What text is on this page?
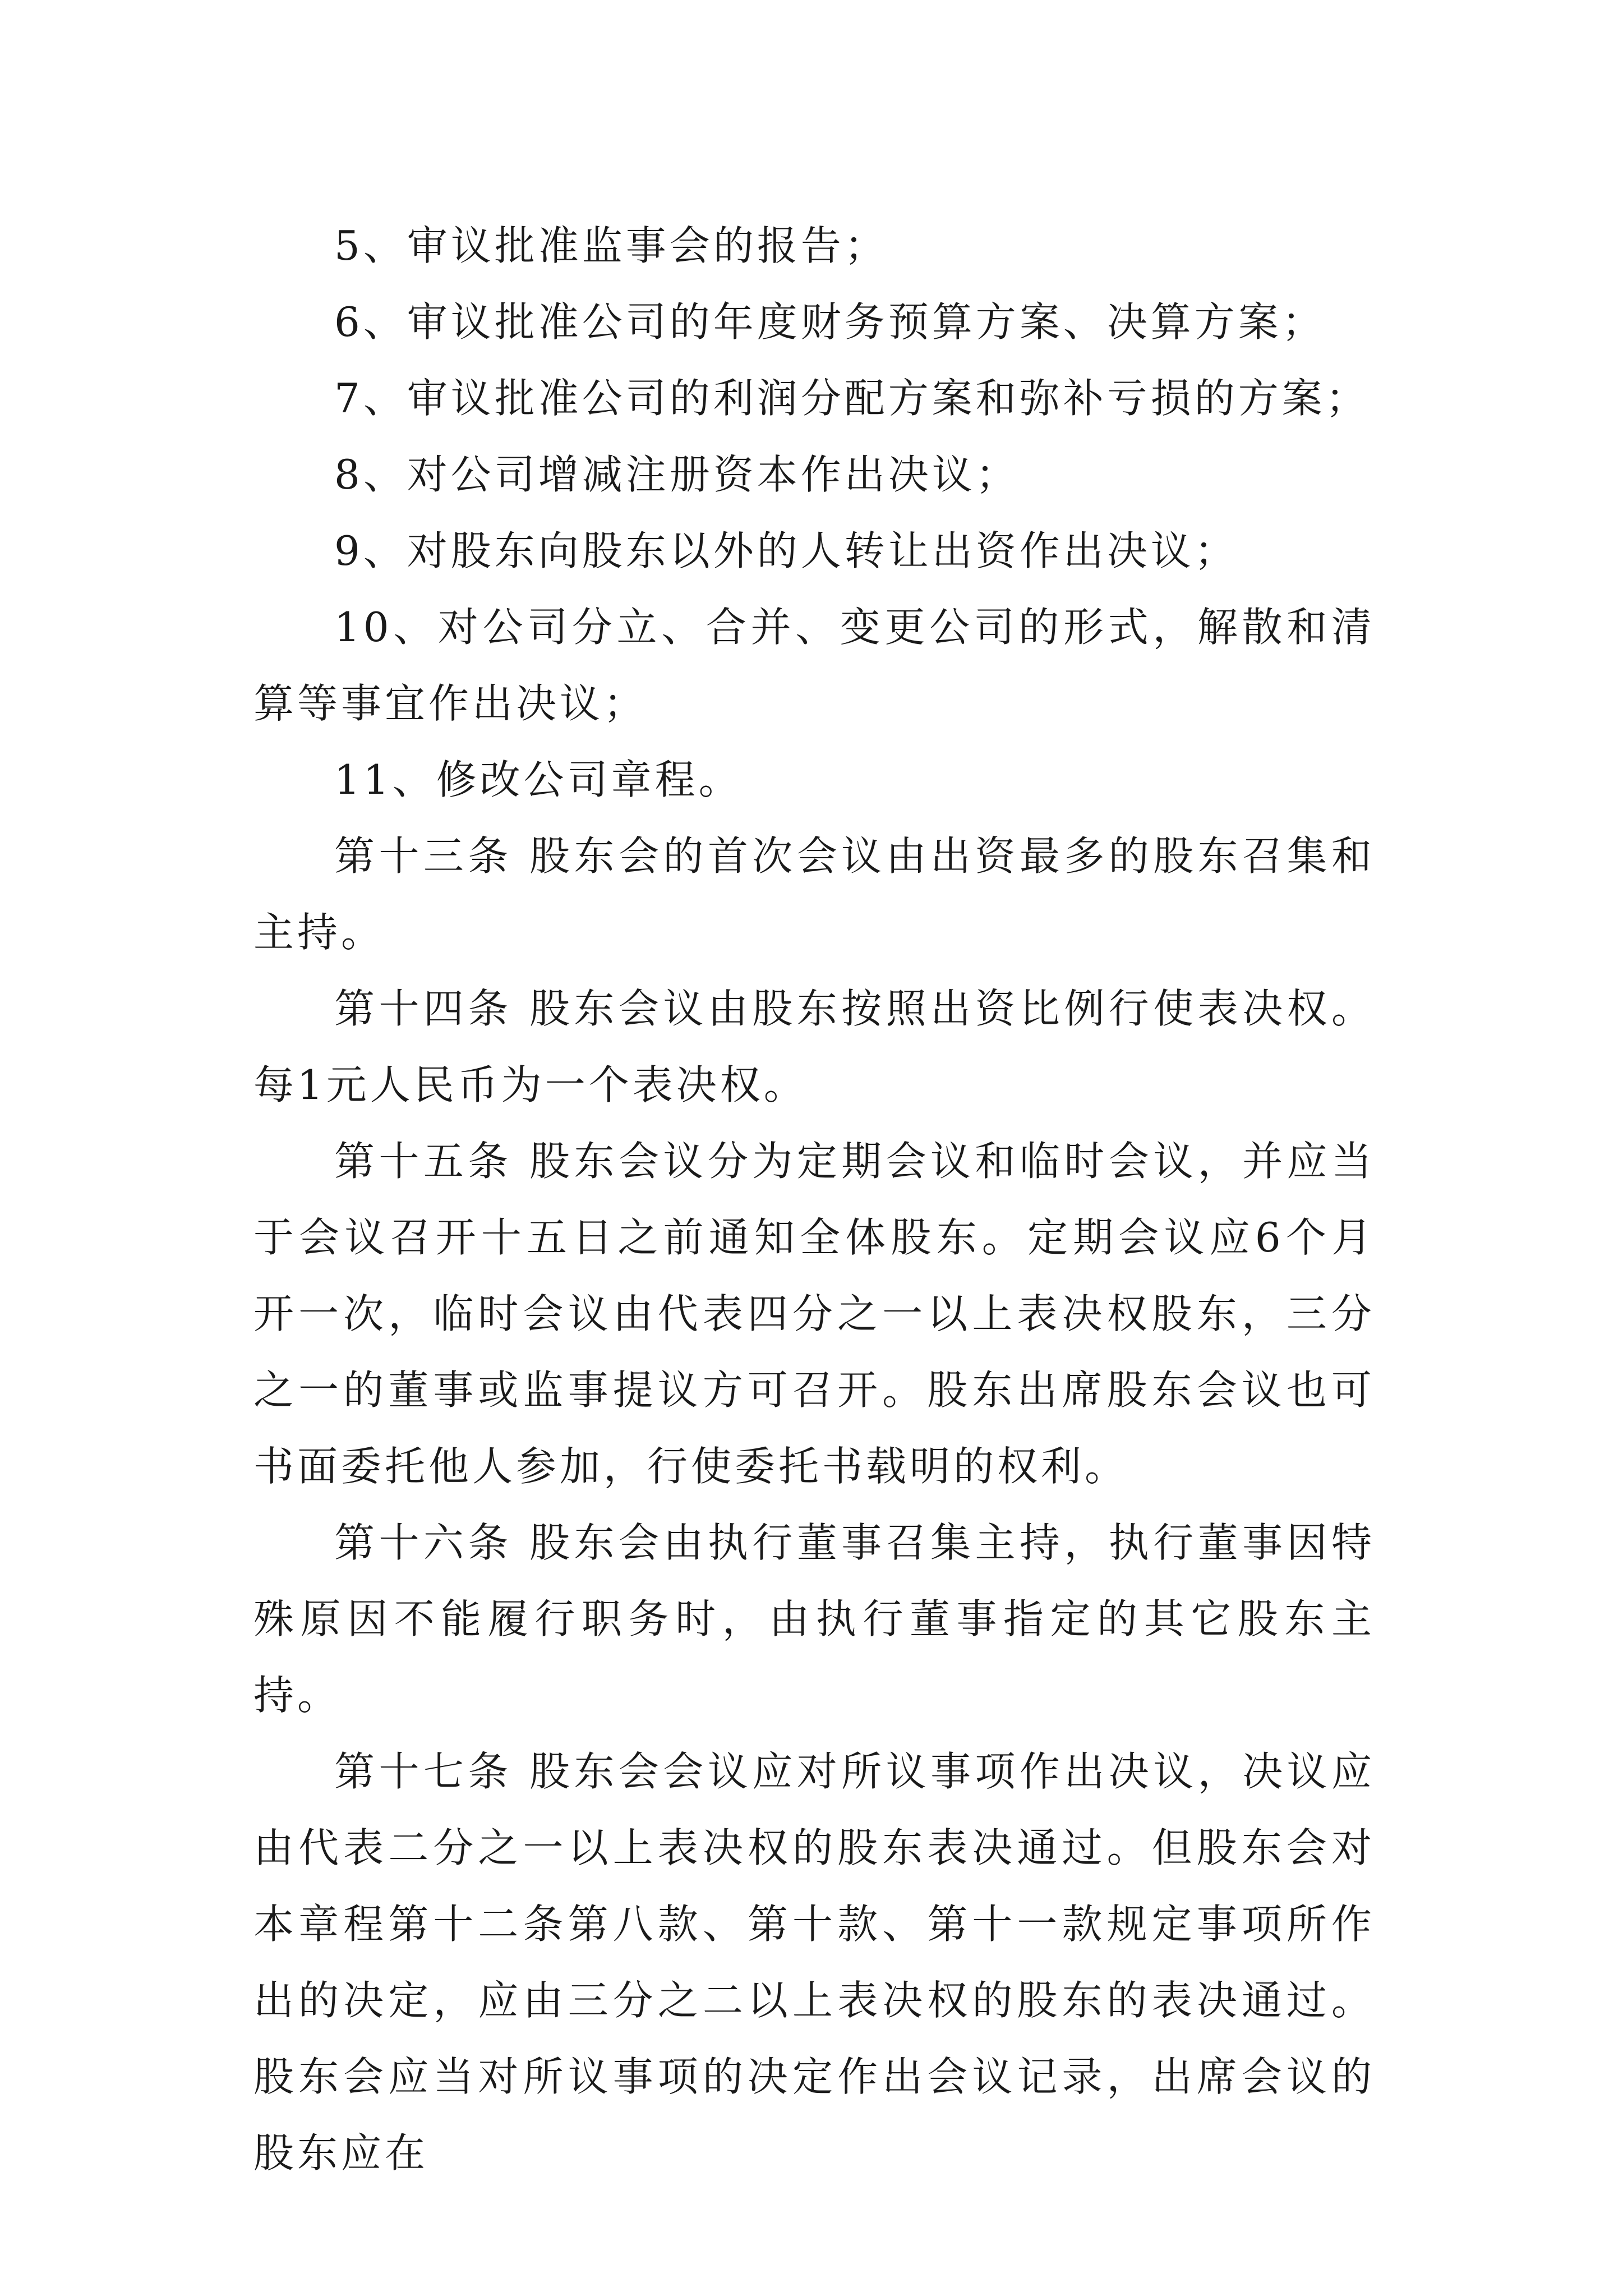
5、审议批准监事会的报告；

6、审议批准公司的年度财务预算方案、决算方案；

7、审议批准公司的利润分配方案和弥补亏损的方案；

8、对公司增减注册资本作出决议；

9、对股东向股东以外的人转让出资作出决议；

10、对公司分立、合并、变更公司的形式，解散和清算等事宜作出决议；

11、修改公司章程。

第十三条 股东会的首次会议由出资最多的股东召集和主持。

第十四条 股东会议由股东按照出资比例行使表决权。每1元人民币为一个表决权。

第十五条 股东会议分为定期会议和临时会议，并应当于会议召开十五日之前通知全体股东。定期会议应6个月开一次，临时会议由代表四分之一以上表决权股东，三分之一的董事或监事提议方可召开。股东出席股东会议也可书面委托他人参加，行使委托书载明的权利。

第十六条 股东会由执行董事召集主持，执行董事因特殊原因不能履行职务时，由执行董事指定的其它股东主持。

第十七条 股东会会议应对所议事项作出决议，决议应由代表二分之一以上表决权的股东表决通过。但股东会对本章程第十二条第八款、第十款、第十一款规定事项所作出的决定，应由三分之二以上表决权的股东的表决通过。股东会应当对所议事项的决定作出会议记录，出席会议的股东应在
